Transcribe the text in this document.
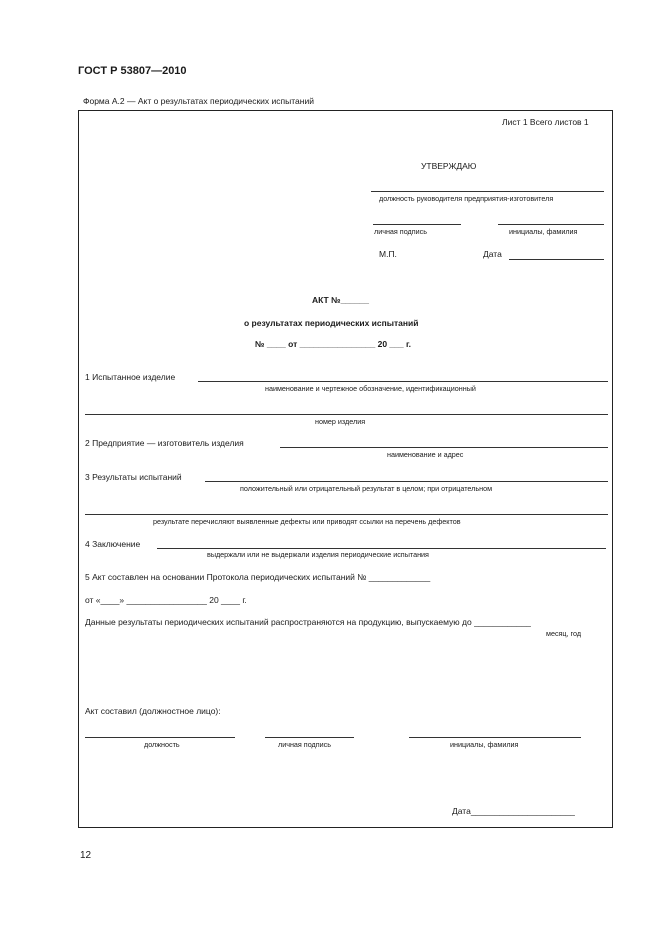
ГОСТ Р 53807—2010
Форма А.2 — Акт о результатах периодических испытаний
Лист 1 Всего листов 1
УТВЕРЖДАЮ
должность руководителя предприятия-изготовителя
личная подпись	инициалы, фамилия
М.П.	Дата
АКТ №______
о результатах периодических испытаний
№ ____ от ________________ 20 ___ г.
1 Испытанное изделие
наименование и чертежное обозначение, идентификационный
номер изделия
2 Предприятие — изготовитель изделия
наименование и адрес
3 Результаты испытаний
положительный или отрицательный результат в целом; при отрицательном
результате перечисляют выявленные дефекты или приводят ссылки на перечень дефектов
4 Заключение
выдержали или не выдержали изделия периодические испытания
5 Акт составлен на основании Протокола периодических испытаний № _____________
от «____» _________________ 20 ____ г.
Данные результаты периодических испытаний распространяются на продукцию, выпускаемую до ____________
месяц, год
Акт составил (должностное лицо):
должность	личная подпись	инициалы, фамилия
Дата______________________
12
